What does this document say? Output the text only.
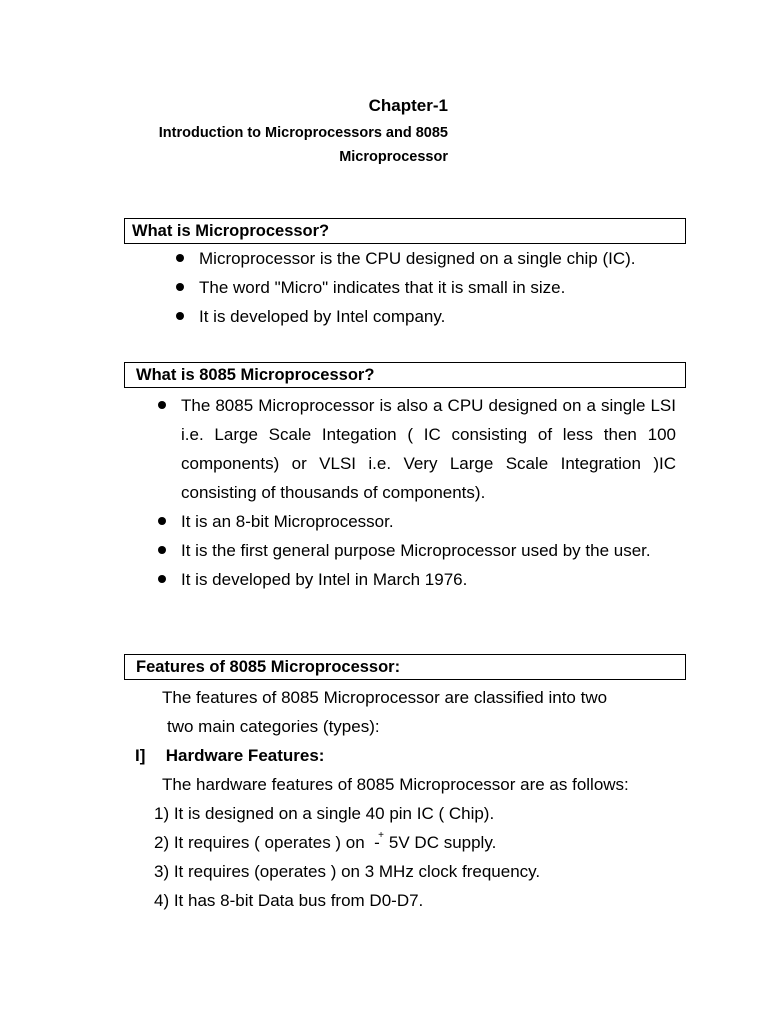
Chapter-1
Introduction to Microprocessors and 8085
Microprocessor
What is Microprocessor?
Microprocessor is the CPU designed on a single chip (IC).
The word "Micro" indicates that it is small in size.
It is developed by Intel company.
What is 8085 Microprocessor?
The 8085 Microprocessor is also a CPU designed on a single LSI i.e. Large Scale Integation ( IC consisting of less then 100 components) or VLSI i.e. Very Large Scale Integration )IC consisting of thousands of components).
It is an 8-bit Microprocessor.
It is the first general purpose Microprocessor used by the user.
It is developed by Intel in March 1976.
Features of 8085 Microprocessor:
The features of 8085 Microprocessor are classified into two
two main categories (types):
I] Hardware Features:
The hardware features of 8085 Microprocessor are as follows:
1) It is designed on a single 40 pin IC ( Chip).
2) It requires ( operates ) on -
+ 5V DC supply.
3) It requires (operates ) on 3 MHz clock frequency.
4) It has 8-bit Data bus from D0-D7.
